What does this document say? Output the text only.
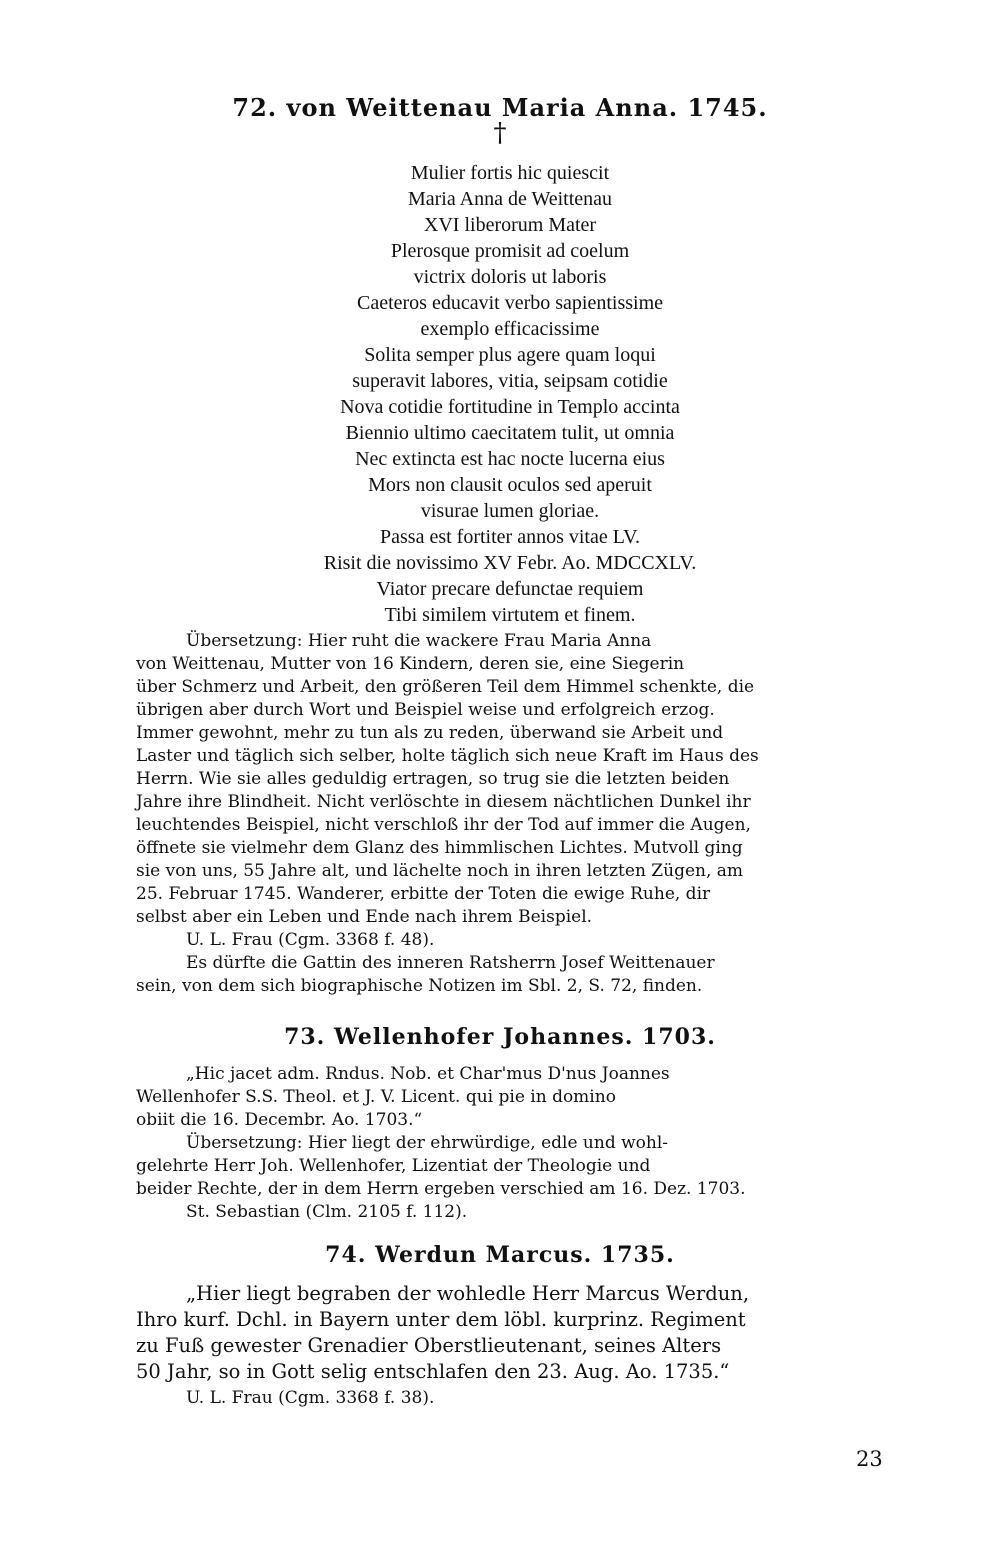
72. von Weittenau Maria Anna. 1745.
†
Mulier fortis hic quiescit
Maria Anna de Weittenau
XVI liberorum Mater
Plerosque promisit ad coelum
victrix doloris ut laboris
Caeteros educavit verbo sapientissime
exemplo efficacissime
Solita semper plus agere quam loqui
superavit labores, vitia, seipsam cotidie
Nova cotidie fortitudine in Templo accinta
Biennio ultimo caecitatem tulit, ut omnia
Nec extincta est hac nocte lucerna eius
Mors non clausit oculos sed aperuit
visurae lumen gloriae.
Passa est fortiter annos vitae LV.
Risit die novissimo XV Febr. Ao. MDCCXLV.
Viator precare defunctae requiem
Tibi similem virtutem et finem.
Übersetzung: Hier ruht die wackere Frau Maria Anna
von Weittenau, Mutter von 16 Kindern, deren sie, eine Siegerin
über Schmerz und Arbeit, den größeren Teil dem Himmel schenkte, die
übrigen aber durch Wort und Beispiel weise und erfolgreich erzog.
Immer gewohnt, mehr zu tun als zu reden, überwand sie Arbeit und
Laster und täglich sich selber, holte täglich sich neue Kraft im Haus des
Herrn. Wie sie alles geduldig ertragen, so trug sie die letzten beiden
Jahre ihre Blindheit. Nicht verlöschte in diesem nächtlichen Dunkel ihr
leuchtendes Beispiel, nicht verschloß ihr der Tod auf immer die Augen,
öffnete sie vielmehr dem Glanz des himmlischen Lichtes. Mutvoll ging
sie von uns, 55 Jahre alt, und lächelte noch in ihren letzten Zügen, am
25. Februar 1745. Wanderer, erbitte der Toten die ewige Ruhe, dir
selbst aber ein Leben und Ende nach ihrem Beispiel.
U. L. Frau (Cgm. 3368 f. 48).
Es dürfte die Gattin des inneren Ratsherrn Josef Weittenauer
sein, von dem sich biographische Notizen im Sbl. 2, S. 72, finden.
73. Wellenhofer Johannes. 1703.
„Hic jacet adm. Rndus. Nob. et Char'mus D'nus Joannes
Wellenhofer S.S. Theol. et J. V. Licent. qui pie in domino
obiit die 16. Decembr. Ao. 1703.“
Übersetzung: Hier liegt der ehrwürdige, edle und wohl-
gelehrte Herr Joh. Wellenhofer, Lizentiat der Theologie und
beider Rechte, der in dem Herrn ergeben verschied am 16. Dez. 1703.
St. Sebastian (Clm. 2105 f. 112).
74. Werdun Marcus. 1735.
„Hier liegt begraben der wohledle Herr Marcus Werdun,
Ihro kurf. Dchl. in Bayern unter dem löbl. kurprinz. Regiment
zu Fuß gewester Grenadier Oberstlieutenant, seines Alters
50 Jahr, so in Gott selig entschlafen den 23. Aug. Ao. 1735.“
U. L. Frau (Cgm. 3368 f. 38).
23
